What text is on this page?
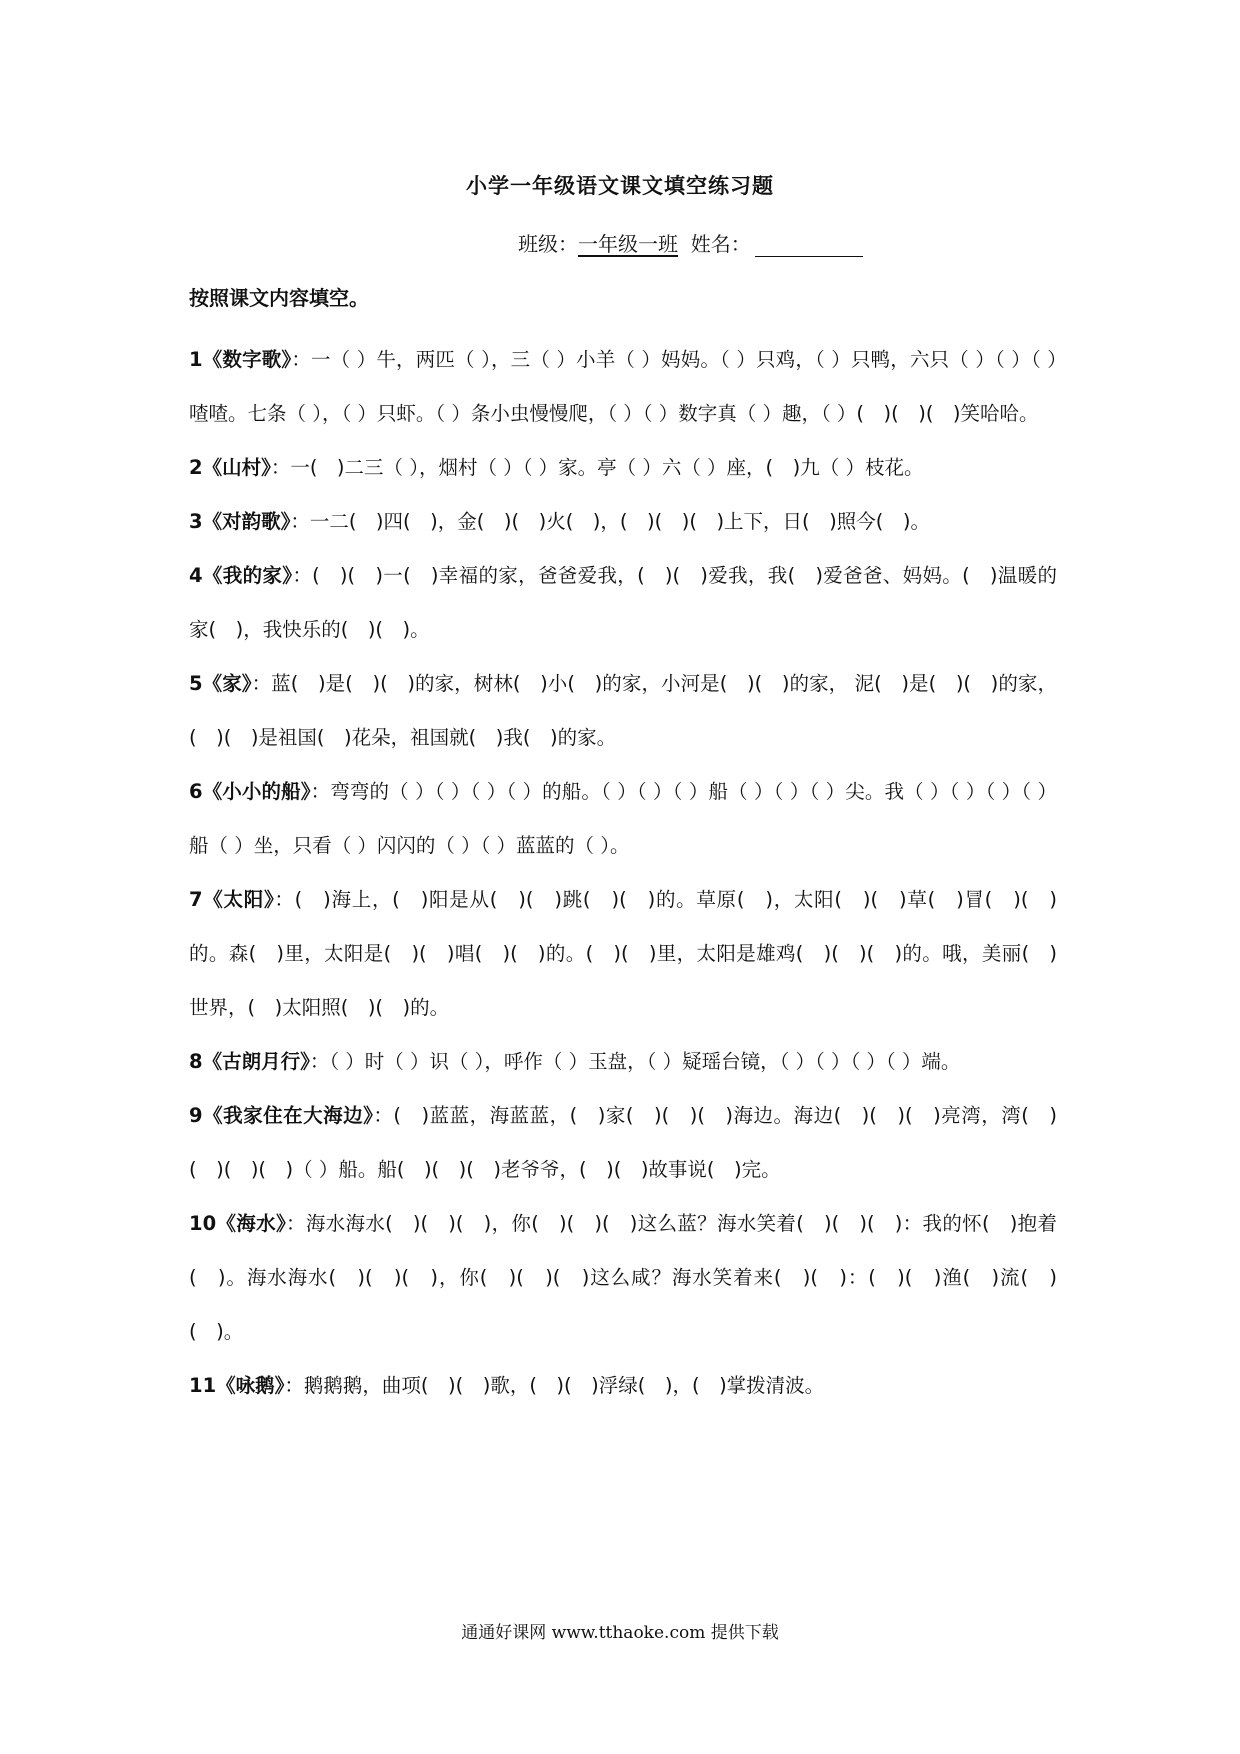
小学一年级语文课文填空练习题
班级：一年级一班 姓名：
按照课文内容填空。

1《数字歌》：一（ ）牛，两匹（ ），三（ ）小羊（ ）妈妈。（ ）只鸡，（ ）只鸭，六只（ ）（ ）（ ）喳喳。七条（ ），（ ）只虾。（ ）条小虫慢慢爬，（ ）（ ）数字真（ ）趣，（ ）(　)(　)(　)笑哈哈。

2《山村》：一(　)二三（ ），烟村（ ）（ ）家。亭（ ）六（ ）座，(　)九（ ）枝花。

3《对韵歌》：一二(　)四(　)，金(　)(　)火(　)，(　)(　)(　)上下，日(　)照今(　)。

4《我的家》：(　)(　)一(　)幸福的家，爸爸爱我，(　)(　)爱我，我(　)爱爸爸、妈妈。(　)温暖的家(　)，我快乐的(　)(　)。

5《家》：蓝(　)是(　)(　)的家，树林(　)小(　)的家，小河是(　)(　)的家， 泥(　)是(　)(　)的家，(　)(　)是祖国(　)花朵，祖国就(　)我(　)的家。

6《小小的船》：弯弯的（ ）（ ）（ ）（ ）的船。（ ）（ ）（ ）船（ ）（ ）（ ）尖。我（ ）（ ）（ ）（ ）船（ ）坐，只看（ ）闪闪的（ ）（ ）蓝蓝的（ ）。

7《太阳》：(　)海上，(　)阳是从(　)(　)跳(　)(　)的。草原(　)，太阳(　)(　)草(　)冒(　)(　)的。森(　)里，太阳是(　)(　)唱(　)(　)的。(　)(　)里，太阳是雄鸡(　)(　)(　)的。哦，美丽(　)世界，(　)太阳照(　)(　)的。

8《古朗月行》：（ ）时（ ）识（ ），呼作（ ）玉盘，（ ）疑瑶台镜，（ ）（ ）（ ）（ ）端。

9《我家住在大海边》：(　)蓝蓝，海蓝蓝，(　)家(　)(　)(　)海边。海边(　)(　)(　)亮湾，湾(　)(　)(　)(　)（ ）船。船(　)(　)(　)老爷爷，(　)(　)故事说(　)完。

10《海水》：海水海水(　)(　)(　)，你(　)(　)(　)这么蓝？海水笑着(　)(　)(　)：我的怀(　)抱着(　)。海水海水(　)(　)(　)，你(　)(　)(　)这么咸？海水笑着来(　)(　)：(　)(　)渔(　)流(　)(　)。

11《咏鹅》：鹅鹅鹅，曲项(　)(　)歌，(　)(　)浮绿(　)，(　)掌拨清波。

通通好课网 www.tthaoke.com 提供下载
